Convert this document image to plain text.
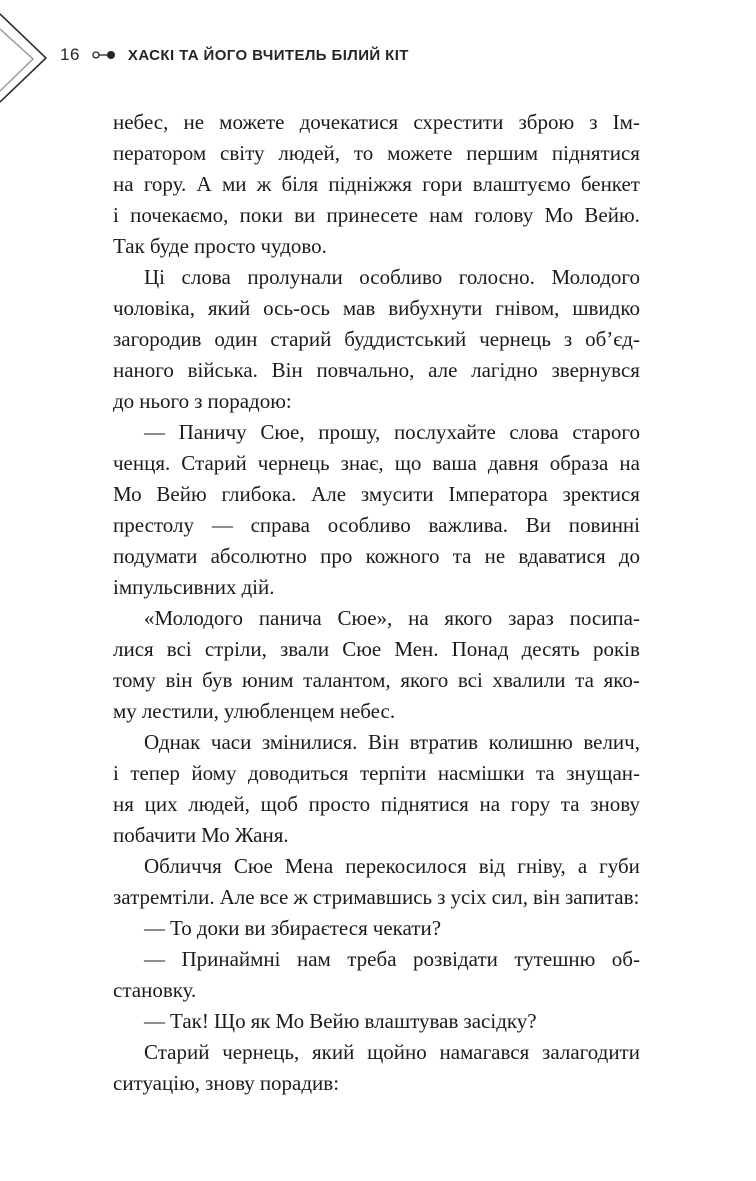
16	ХАСКІ ТА ЙОГО ВЧИТЕЛЬ БІЛИЙ КІТ
небес, не можете дочекатися схрестити зброю з Ім-
ператором світу людей, то можете першим піднятися
на гору. А ми ж біля підніжжя гори влаштуємо бенкет
і почекаємо, поки ви принесете нам голову Мо Вейю.
Так буде просто чудово.
Ці слова пролунали особливо голосно. Молодого
чоловіка, який ось-ось мав вибухнути гнівом, швидко
загородив один старий буддистський чернець з об’єд-
наного війська. Він повчально, але лагідно звернувся
до нього з порадою:
— Паничу Сюе, прошу, послухайте слова старого
ченця. Старий чернець знає, що ваша давня образа на
Мо Вейю глибока. Але змусити Імператора зректися
престолу — справа особливо важлива. Ви повинні
подумати абсолютно про кожного та не вдаватися до
імпульсивних дій.
«Молодого панича Сюе», на якого зараз посипа-
лися всі стріли, звали Сюе Мен. Понад десять років
тому він був юним талантом, якого всі хвалили та яко-
му лестили, улюбленцем небес.
Однак часи змінилися. Він втратив колишню велич,
і тепер йому доводиться терпіти насмішки та знущан-
ня цих людей, щоб просто піднятися на гору та знову
побачити Мо Жаня.
Обличчя Сюе Мена перекосилося від гніву, а губи
затремтіли. Але все ж стримавшись з усіх сил, він запитав:
— То доки ви збираєтеся чекати?
— Принаймні нам треба розвідати тутешню об-
становку.
— Так! Що як Мо Вейю влаштував засідку?
Старий чернець, який щойно намагався залагодити
ситуацію, знову порадив:
